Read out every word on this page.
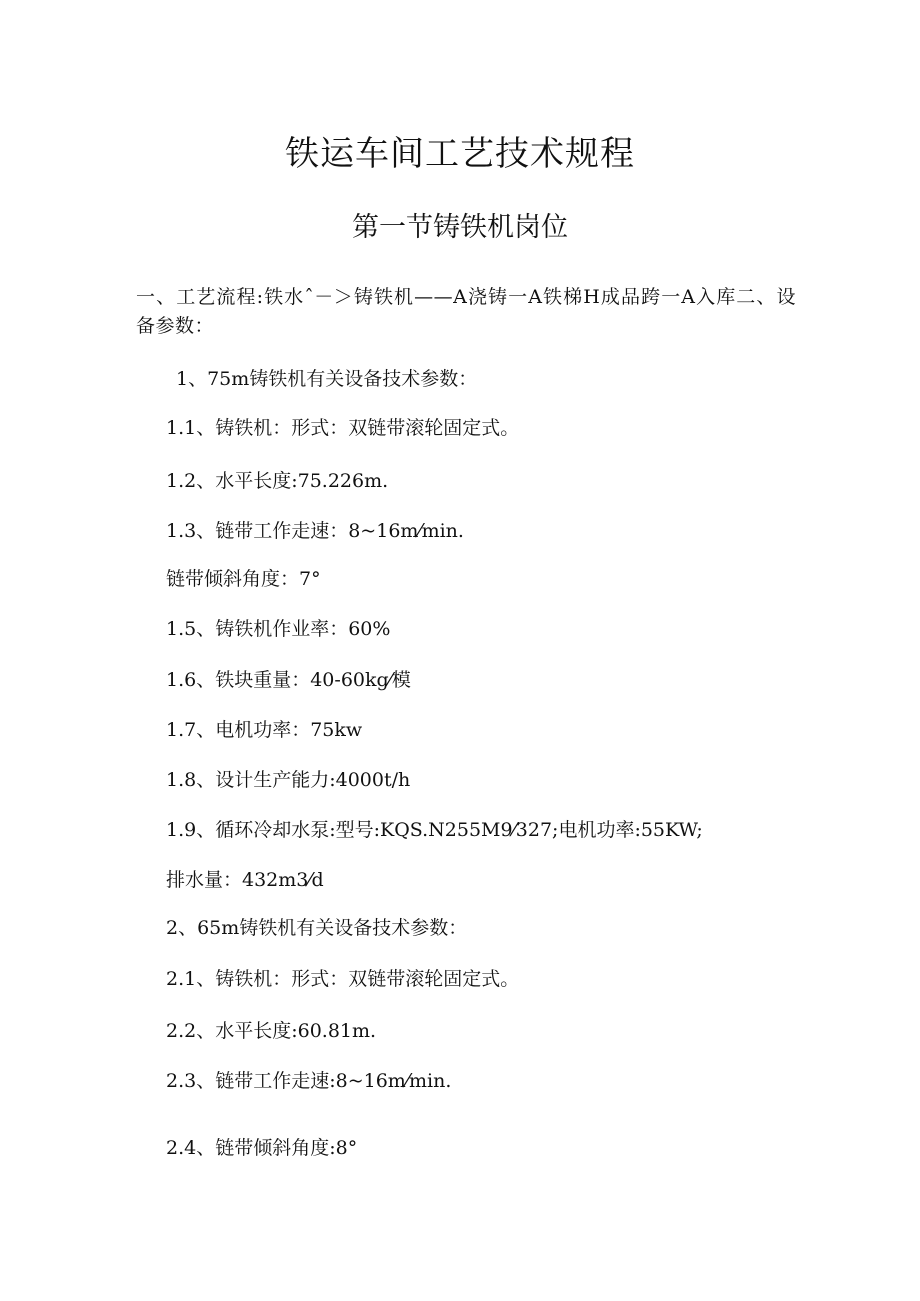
铁运车间工艺技术规程
第一节铸铁机岗位
一、工艺流程:铁水ˆ－＞铸铁机——A浇铸一A铁梯H成品跨一A入库二、设备参数：
1、75m铸铁机有关设备技术参数：
1.1、铸铁机：形式：双链带滚轮固定式。
1.2、水平长度:75.226m.
1.3、链带工作走速：8~16m⁄min.
链带倾斜角度：7°
1.5、铸铁机作业率：60%
1.6、铁块重量：40-60kg⁄模
1.7、电机功率：75kw
1.8、设计生产能力:4000t/h
1.9、循环冷却水泵:型号:KQS.N255M9⁄327;电机功率:55KW;
排水量：432m3⁄d
2、65m铸铁机有关设备技术参数：
2.1、铸铁机：形式：双链带滚轮固定式。
2.2、水平长度:60.81m.
2.3、链带工作走速:8~16m⁄min.
2.4、链带倾斜角度:8°
